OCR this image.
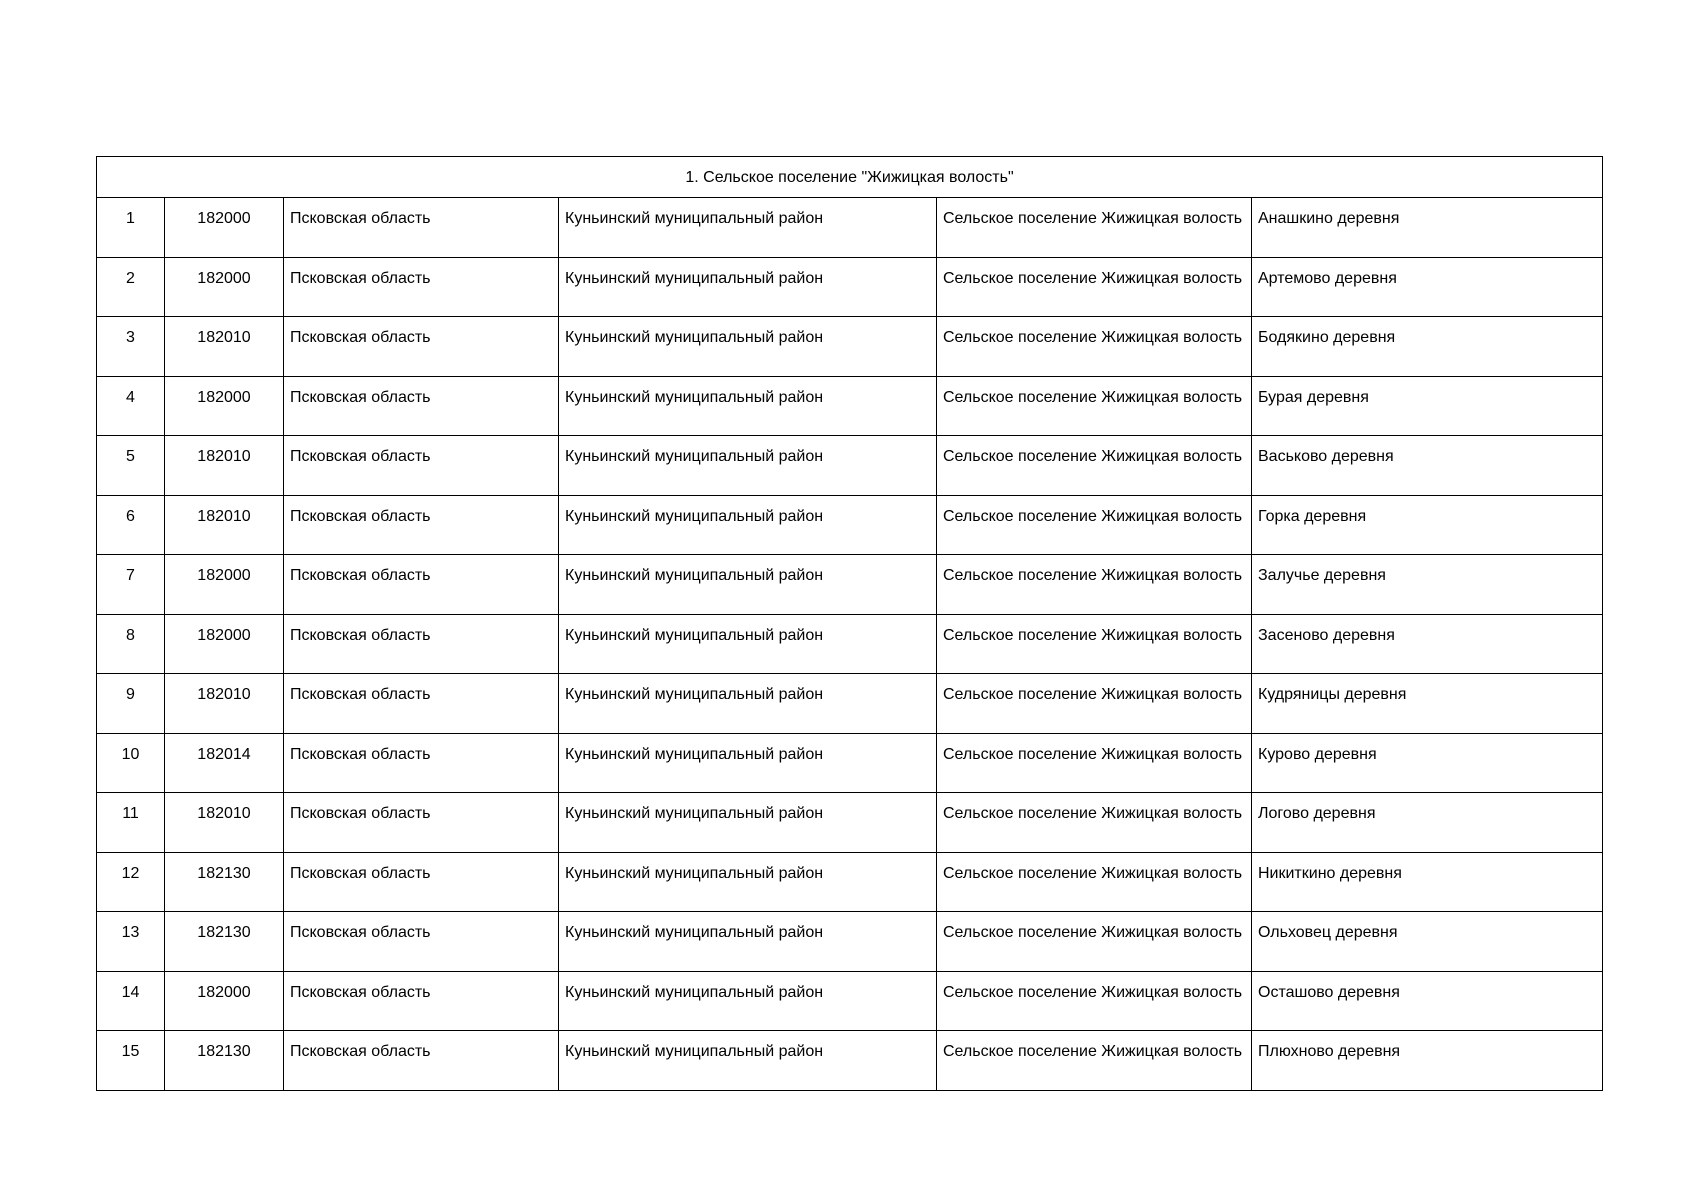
1. Сельское поселение "Жижицкая волость"					
1	182000	Псковская область	Куньинский муниципальный район	Сельское поселение Жижицкая волость	Анашкино деревня
2	182000	Псковская область	Куньинский муниципальный район	Сельское поселение Жижицкая волость	Артемово деревня
3	182010	Псковская область	Куньинский муниципальный район	Сельское поселение Жижицкая волость	Бодякино деревня
4	182000	Псковская область	Куньинский муниципальный район	Сельское поселение Жижицкая волость	Бурая деревня
5	182010	Псковская область	Куньинский муниципальный район	Сельское поселение Жижицкая волость	Васьково деревня
6	182010	Псковская область	Куньинский муниципальный район	Сельское поселение Жижицкая волость	Горка деревня
7	182000	Псковская область	Куньинский муниципальный район	Сельское поселение Жижицкая волость	Залучье деревня
8	182000	Псковская область	Куньинский муниципальный район	Сельское поселение Жижицкая волость	Засеново деревня
9	182010	Псковская область	Куньинский муниципальный район	Сельское поселение Жижицкая волость	Кудряницы деревня
10	182014	Псковская область	Куньинский муниципальный район	Сельское поселение Жижицкая волость	Курово деревня
11	182010	Псковская область	Куньинский муниципальный район	Сельское поселение Жижицкая волость	Логово деревня
12	182130	Псковская область	Куньинский муниципальный район	Сельское поселение Жижицкая волость	Никиткино деревня
13	182130	Псковская область	Куньинский муниципальный район	Сельское поселение Жижицкая волость	Ольховец деревня
14	182000	Псковская область	Куньинский муниципальный район	Сельское поселение Жижицкая волость	Осташово деревня
15	182130	Псковская область	Куньинский муниципальный район	Сельское поселение Жижицкая волость	Плюхново деревня
